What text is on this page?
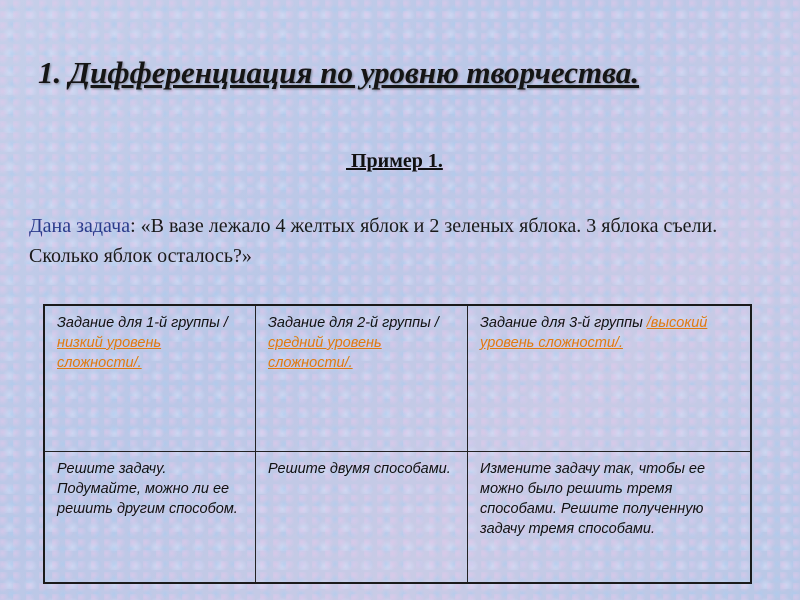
1. Дифференциация по уровню творчества.
Пример 1.
Дана задача: «В вазе лежало 4 желтых яблок и 2 зеленых яблока. 3 яблока съели. Сколько яблок осталось?»
Задание для 1-й группы /низкий уровень сложности/.
Задание для 2-й группы /средний уровень сложности/.
Задание для 3-й группы /высокий уровень сложности/.
Решите задачу. Подумайте, можно ли ее решить другим способом.
Решите двумя способами.	Измените задачу так, чтобы ее можно было решить тремя способами. Решите полученную задачу тремя способами.
